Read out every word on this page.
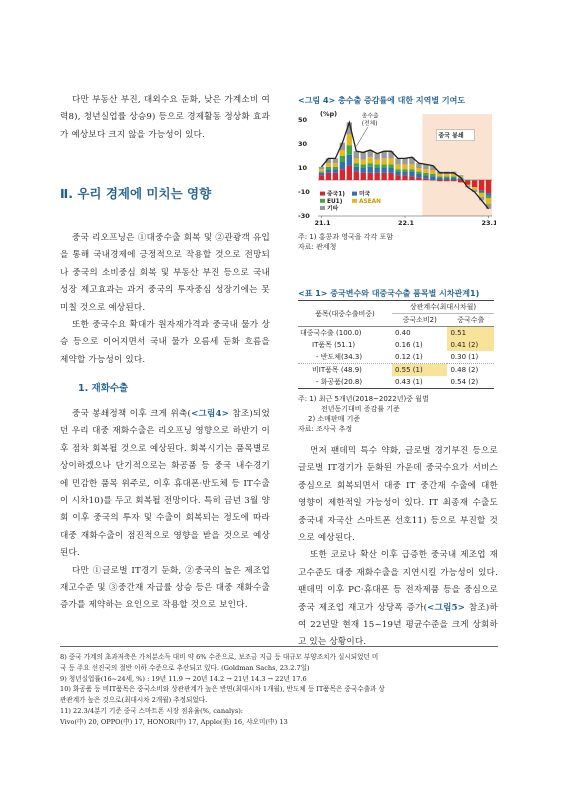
다만 부동산 부진, 대외수요 둔화, 낮은 가계소비 여력8), 청년실업률 상승9) 등으로 경제활동 정상화 효과가 예상보다 크지 않을 가능성이 있다.

Ⅱ. 우리 경제에 미치는 영향

중국 리오프닝은 ①대중수출 회복 및 ②관광객 유입을 통해 국내경제에 긍정적으로 작용할 것으로 전망되나 중국의 소비중심 회복 및 부동산 부진 등으로 국내 성장 제고효과는 과거 중국의 투자중심 성장기에는 못 미칠 것으로 예상된다.

또한 중국수요 확대가 원자재가격과 중국내 물가 상승 등으로 이어지면서 국내 물가 오름세 둔화 흐름을 제약할 가능성이 있다.

1. 재화수출

중국 봉쇄정책 이후 크게 위축(<그림4> 참조)되었던 우리 대중 재화수출은 리오프닝 영향으로 하반기 이후 점차 회복될 것으로 예상된다. 회복시기는 품목별로 상이하겠으나 단기적으로는 화공품 등 중국 내수경기에 민감한 품목 위주로, 이후 휴대폰·반도체 등 IT수출이 시차10)를 두고 회복될 전망이다. 특히 금년 3월 양회 이후 중국의 투자 및 수출이 회복되는 정도에 따라 대중 재화수출이 점진적으로 영향을 받을 것으로 예상된다.

다만 ①글로벌 IT경기 둔화, ②중국의 높은 제조업 재고수준 및 ③중간재 자급률 상승 등은 대중 재화수출 증가를 제약하는 요인으로 작용할 것으로 보인다.

<그림 4> 총수출 증감률에 대한 지역별 기여도
중국 봉쇄
총수출
(전체)
50
30
10
-10
-30
(%p)
21.1	22.1	23.1
중국1) 미국
EU1)	ASEAN
기타
주: 1) 홍콩과 영국을 각각 포함
자료: 관세청
<표 1> 중국변수와 대중국수출 품목별 시차관계1)
품목(대중수출비중)	상관계수(최대시차월)	
	중국소비2)	중국수출
대중국수출 (100.0)	0.40	0.51
IT품목 (51.1)	0.16 (1)	0.41 (2)
- 반도체(34.3)	0.12 (1)	0.30 (1)
비IT품목 (48.9)	0.55 (1)	0.48 (2)
- 화공품(20.8)	0.43 (1)	0.54 (2)
주: 1) 최근 5개년(2018~2022년)중 월별
전년동기대비 증감률 기준
2) 소매판매 기준
자료: 조사국 추정

먼저 팬데믹 특수 약화, 글로벌 경기부진 등으로 글로벌 IT경기가 둔화된 가운데 중국수요가 서비스 중심으로 회복되면서 대중 IT 중간재 수출에 대한 영향이 제한적일 가능성이 있다. IT 최종재 수출도 중국내 자국산 스마트폰 선호11) 등으로 부진할 것으로 예상된다.

또한 코로나 확산 이후 급증한 중국내 제조업 재고수준도 대중 재화수출을 지연시킬 가능성이 있다. 팬데믹 이후 PC·휴대폰 등 전자제품 등을 중심으로 중국 제조업 재고가 상당폭 증가(<그림5> 참조)하여 22년말 현재 15~19년 평균수준을 크게 상회하고 있는 상황이다.

8) 중국 가계의 초과저축은 가처분소득 대비 약 6% 수준으로, 보조금 지급 등 대규모 부양조치가 실시되었던 미
국 등 주요 선진국의 절반 이하 수준으로 추산되고 있다. (Goldman Sachs, 23.2.7일)
9) 청년실업률(16~24세, %) : 19년 11.9 → 20년 14.2 → 21년 14.3 → 22년 17.6
10) 화공품 등 비IT품목은 중국소비와 상관관계가 높은 반면(최대시차 1개월), 반도체 등 IT품목은 중국수출과 상
관관계가 높은 것으로(최대시차 2개월) 추정되었다.
11) 22.3/4분기 기준 중국 스마트폰 시장 점유율(%, canalys):
Vivo(中) 20, OPPO(中) 17, HONOR(中) 17, Apple(美) 16, 샤오미(中) 13
